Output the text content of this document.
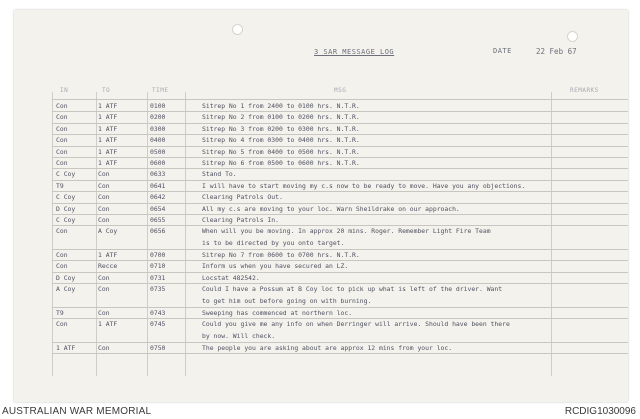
3 SAR MESSAGE LOG	DATE	22 Feb 67
IN	TO	TIME	MSG	REMARKS
Con	1 ATF	0100	Sitrep No 1 from 2400 to 0100 hrs. N.T.R.
Con	1 ATF	0200	Sitrep No 2 from 0100 to 0200 hrs. N.T.R.
Con	1 ATF	0300	Sitrep No 3 from 0200 to 0300 hrs. N.T.R.
Con	1 ATF	0400	Sitrep No 4 from 0300 to 0400 hrs. N.T.R.
Con	1 ATF	0500	Sitrep No 5 from 0400 to 0500 hrs. N.T.R.
Con	1 ATF	0600	Sitrep No 6 from 0500 to 0600 hrs. N.T.R.
C Coy	Con	0633	Stand To.
T9	Con	0641	I will have to start moving my c.s now to be ready to move. Have you any objections.
C Coy	Con	0642	Clearing Patrols Out.
D Coy	Con	0654	All my c.s are moving to your loc. Warn Sheildrake on our approach.
C Coy	Con	0655	Clearing Patrols In.
Con	A Coy	0656	When will you be moving. In approx 20 mins. Roger. Remember Light Fire Team
is to be directed by you onto target.
Con	1 ATF	0700	Sitrep No 7 from 0600 to 0700 hrs. N.T.R.
Con	Recce	0710	Inform us when you have secured an LZ.
D Coy	Con	0731	Locstat 482542.
A Coy	Con	0735	Could I have a Possum at B Coy loc to pick up what is left of the driver. Want
to get him out before going on with burning.
T9	Con	0743	Sweeping has commenced at northern loc.
Con	1 ATF	0745	Could you give me any info on when Derringer will arrive. Should have been there
by now. Will check.
1 ATF	Con	0750	The people you are asking about are approx 12 mins from your loc.
AUSTRALIAN WAR MEMORIAL	RCDIG1030096
